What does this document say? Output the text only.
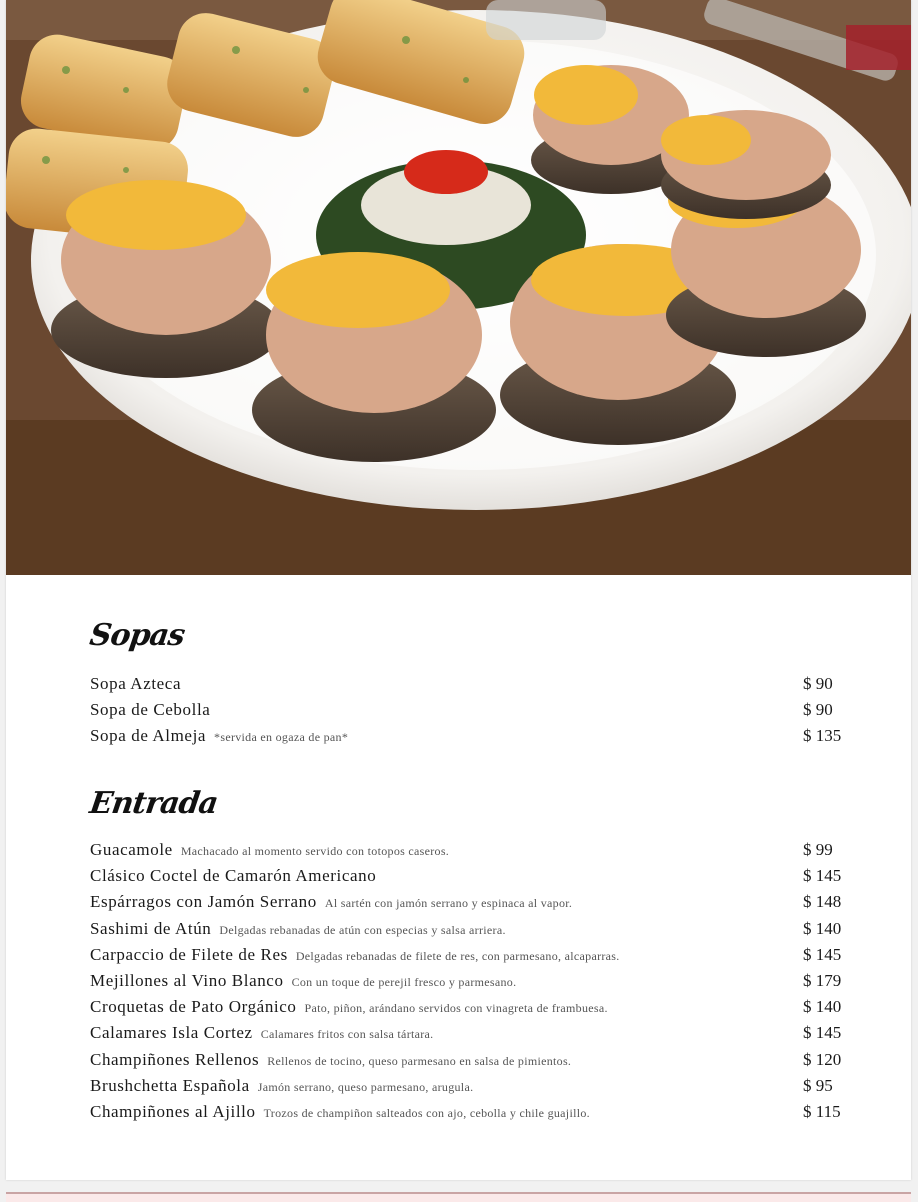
Sopas
Sopa Azteca	$ 90
Sopa de Cebolla	$ 90
Sopa de Almeja *servida en ogaza de pan*	$ 135
Entrada
Guacamole Machacado al momento servido con totopos caseros.	$ 99
Clásico Coctel de Camarón Americano	$ 145
Espárragos con Jamón Serrano Al sartén con jamón serrano y espinaca al vapor.	$ 148
Sashimi de Atún Delgadas rebanadas de atún con especias y salsa arriera.	$ 140
Carpaccio de Filete de Res Delgadas rebanadas de filete de res, con parmesano, alcaparras.	$ 145
Mejillones al Vino Blanco Con un toque de perejil fresco y parmesano.	$ 179
Croquetas de Pato Orgánico Pato, piñon, arándano servidos con vinagreta de frambuesa.	$ 140
Calamares Isla Cortez Calamares fritos con salsa tártara.	$ 145
Champiñones Rellenos Rellenos de tocino, queso parmesano en salsa de pimientos.	$ 120
Brushchetta Española Jamón serrano, queso parmesano, arugula.	$ 95
Champiñones al Ajillo Trozos de champiñon salteados con ajo, cebolla y chile guajillo.	$ 115
